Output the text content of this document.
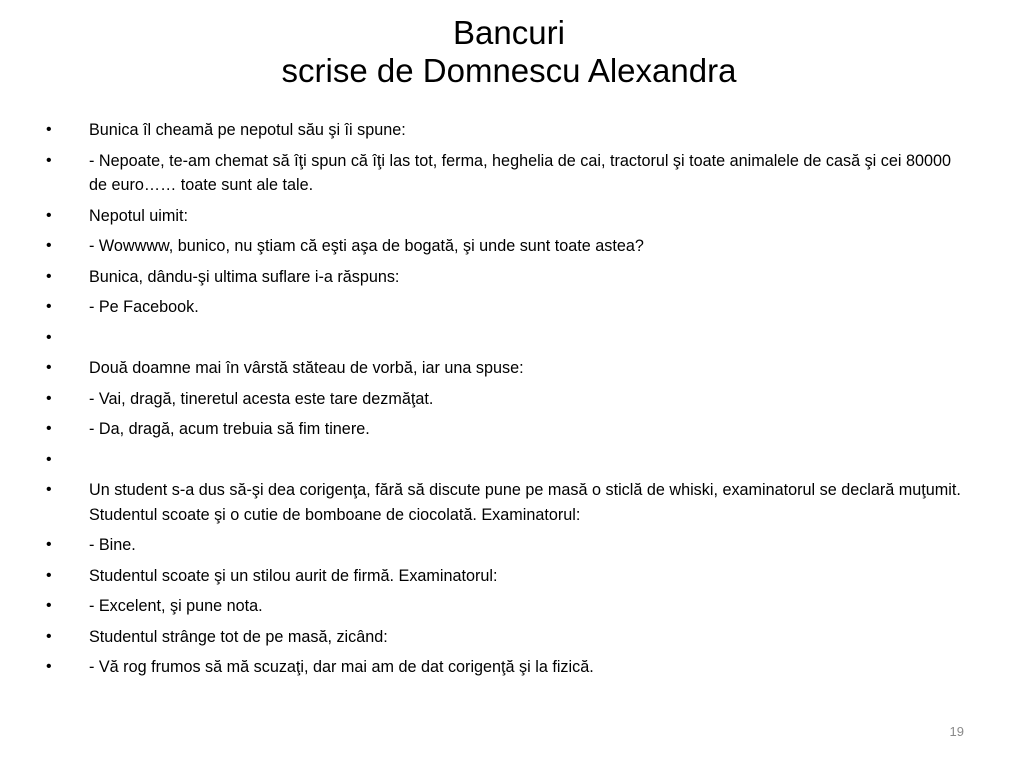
Bancuri
scrise de Domnescu Alexandra
•	Bunica îl cheamă pe nepotul său şi îi spune:
•	- Nepoate, te-am chemat să îţi spun că îţi las tot, ferma, heghelia de cai, tractorul şi toate animalele de casă şi cei 80000 de euro…… toate sunt ale tale.
•	Nepotul uimit:
•	- Wowwww, bunico, nu ştiam că eşti aşa de bogată, şi unde sunt toate astea?
•	Bunica, dându-şi ultima suflare i-a răspuns:
•	- Pe Facebook.
•
•	Două doamne mai în vârstă stăteau de vorbă, iar una spuse:
•	- Vai, dragă, tineretul acesta este tare dezmăţat.
•	- Da, dragă, acum trebuia să fim tinere.
•
•	Un student s-a dus să-şi dea corigenţa, fără să discute pune pe masă o sticlă de whiski, examinatorul se declară muţumit. Studentul scoate şi o cutie de bomboane de ciocolată. Examinatorul:
•	- Bine.
•	Studentul scoate şi un stilou aurit de firmă. Examinatorul:
•	- Excelent, şi pune nota.
•	Studentul strânge tot de pe masă, zicând:
•	- Vă rog frumos să mă scuzaţi, dar mai am de dat corigenţă şi la fizică.
19
